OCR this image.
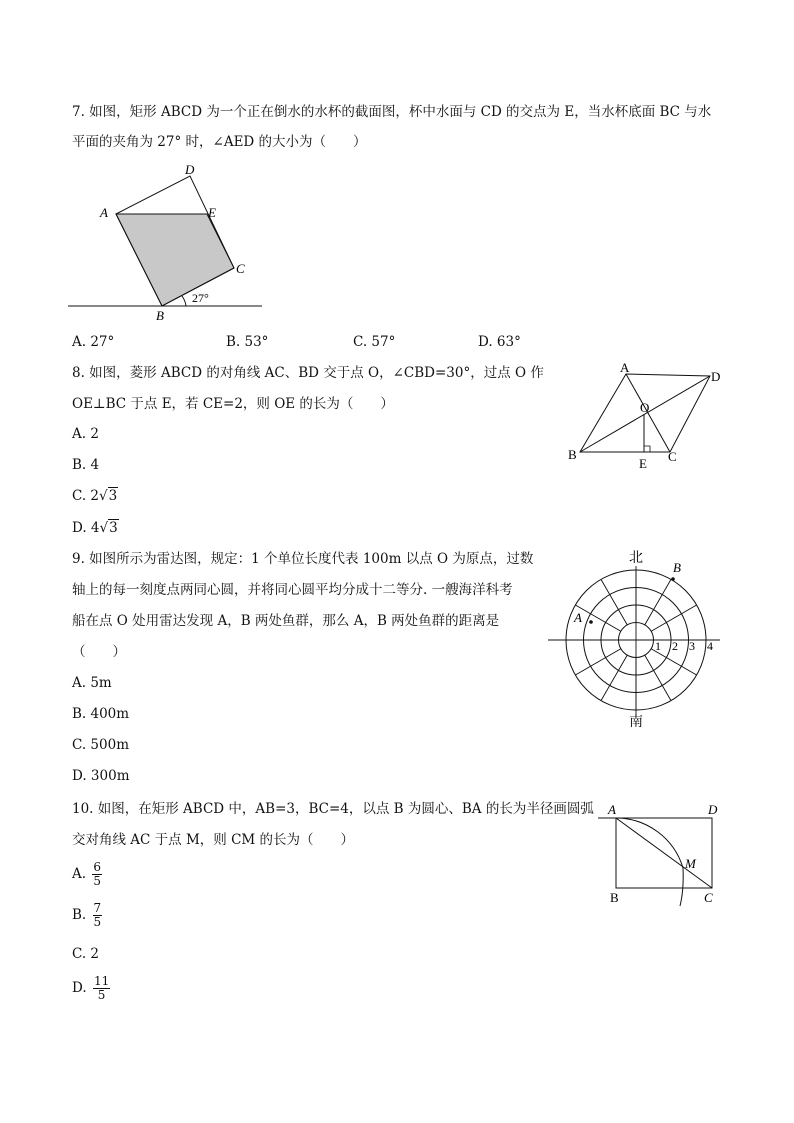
7. 如图，矩形 ABCD 为一个正在倒水的水杯的截面图，杯中水面与 CD 的交点为 E，当水杯底面 BC 与水
平面的夹角为 27° 时，∠AED 的大小为（　　）
A
D
E
C
B
27°
A. 27°	B. 53°	C. 57°	D. 63°
8. 如图，菱形 ABCD 的对角线 AC、BD 交于点 O，∠CBD=30°，过点 O 作
OE⊥BC 于点 E，若 CE=2，则 OE 的长为（　　）
A
D
O
B	C
E
A. 2
B. 4
C. 2√3
D. 4√3
9. 如图所示为雷达图，规定：1 个单位长度代表 100m 以点 O 为原点，过数
轴上的每一刻度点两同心圆，并将同心圆平均分成十二等分. 一艘海洋科考
船在点 O 处用雷达发现 A，B 两处鱼群，那么 A，B 两处鱼群的距离是
（　　）
北
南
B
A
1 2 3 4
A. 5m
B. 400m
C. 500m
D. 300m
10. 如图，在矩形 ABCD 中，AB=3，BC=4，以点 B 为圆心、BA 的长为半径画圆弧
交对角线 AC 于点 M，则 CM 的长为（　　）
A	D
B	C
M
A. $\frac{6}{5}$
B. $\frac{7}{5}$
C. 2
D. $\frac{11}{5}$
